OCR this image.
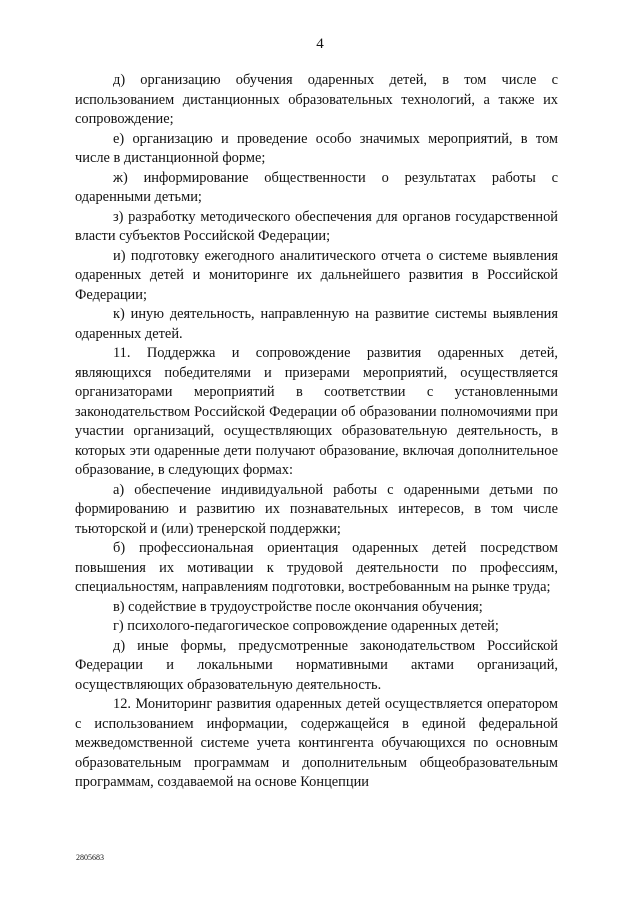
4

д) организацию обучения одаренных детей, в том числе с использованием дистанционных образовательных технологий, а также их сопровождение;

е) организацию и проведение особо значимых мероприятий, в том числе в дистанционной форме;

ж) информирование общественности о результатах работы с одаренными детьми;

з) разработку методического обеспечения для органов государственной власти субъектов Российской Федерации;

и) подготовку ежегодного аналитического отчета о системе выявления одаренных детей и мониторинге их дальнейшего развития в Российской Федерации;

к) иную деятельность, направленную на развитие системы выявления одаренных детей.

11. Поддержка и сопровождение развития одаренных детей, являющихся победителями и призерами мероприятий, осуществляется организаторами мероприятий в соответствии с установленными законодательством Российской Федерации об образовании полномочиями при участии организаций, осуществляющих образовательную деятельность, в которых эти одаренные дети получают образование, включая дополнительное образование, в следующих формах:

а) обеспечение индивидуальной работы с одаренными детьми по формированию и развитию их познавательных интересов, в том числе тьюторской и (или) тренерской поддержки;

б) профессиональная ориентация одаренных детей посредством повышения их мотивации к трудовой деятельности по профессиям, специальностям, направлениям подготовки, востребованным на рынке труда;

в) содействие в трудоустройстве после окончания обучения;

г) психолого-педагогическое сопровождение одаренных детей;

д) иные формы, предусмотренные законодательством Российской Федерации и локальными нормативными актами организаций, осуществляющих образовательную деятельность.

12. Мониторинг развития одаренных детей осуществляется оператором с использованием информации, содержащейся в единой федеральной межведомственной системе учета контингента обучающихся по основным образовательным программам и дополнительным общеобразовательным программам, создаваемой на основе Концепции

2805683
